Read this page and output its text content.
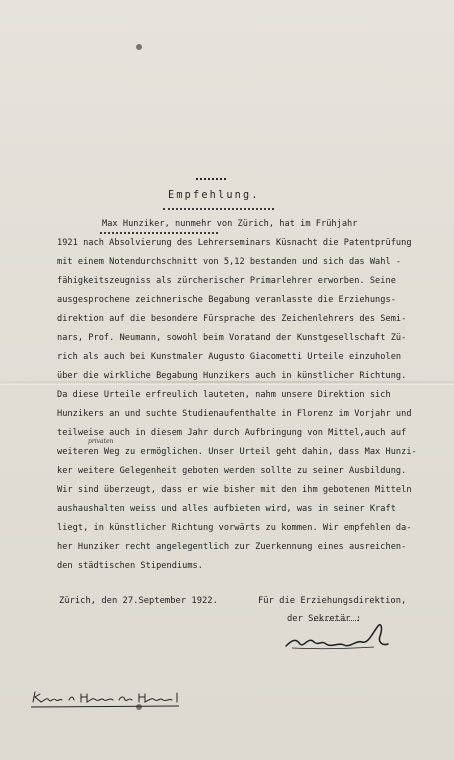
Empfehlung.
Max Hunziker, nunmehr von Zürich, hat im Frühjahr
1921 nach Absolvierung des Lehrerseminars Küsnacht die Patentprüfung
mit einem Notendurchschnitt von 5,12 bestanden und sich das Wahl -
fähigkeitszeugniss als zürcherischer Primarlehrer erworben. Seine
ausgesprochene zeichnerische Begabung veranlasste die Erziehungs-
direktion auf die besondere Fürsprache des Zeichenlehrers des Semi-
nars, Prof. Neumann, sowohl beim Voratand der Kunstgesellschaft Zü-
rich als auch bei Kunstmaler Augusto Giacometti Urteile einzuholen
über die wirkliche Begabung Hunzikers auch in künstlicher Richtung.
Da diese Urteile erfreulich lauteten, nahm unsere Direktion sich
Hunzikers an und suchte Studienaufenthalte in Florenz im Vorjahr und
teilweise auch in diesem Jahr durch Aufbringung von Mittel,auch auf
privaten
weiteren Weg zu ermöglichen. Unser Urteil geht dahin, dass Max Hunzi-
ker weitere Gelegenheit geboten werden sollte zu seiner Ausbildung.
Wir sind überzeugt, dass er wie bisher mit den ihm gebotenen Mitteln
aushaushalten weiss und alles aufbieten wird, was in seiner Kraft
liegt, in künstlicher Richtung vorwärts zu kommen. Wir empfehlen da-
her Hunziker recht angelegentlich zur Zuerkennung eines ausreichen-
den städtischen Stipendiums.
Zürich, den 27.September 1922.	Für die Erziehungsdirektion,
der Sekretär :
